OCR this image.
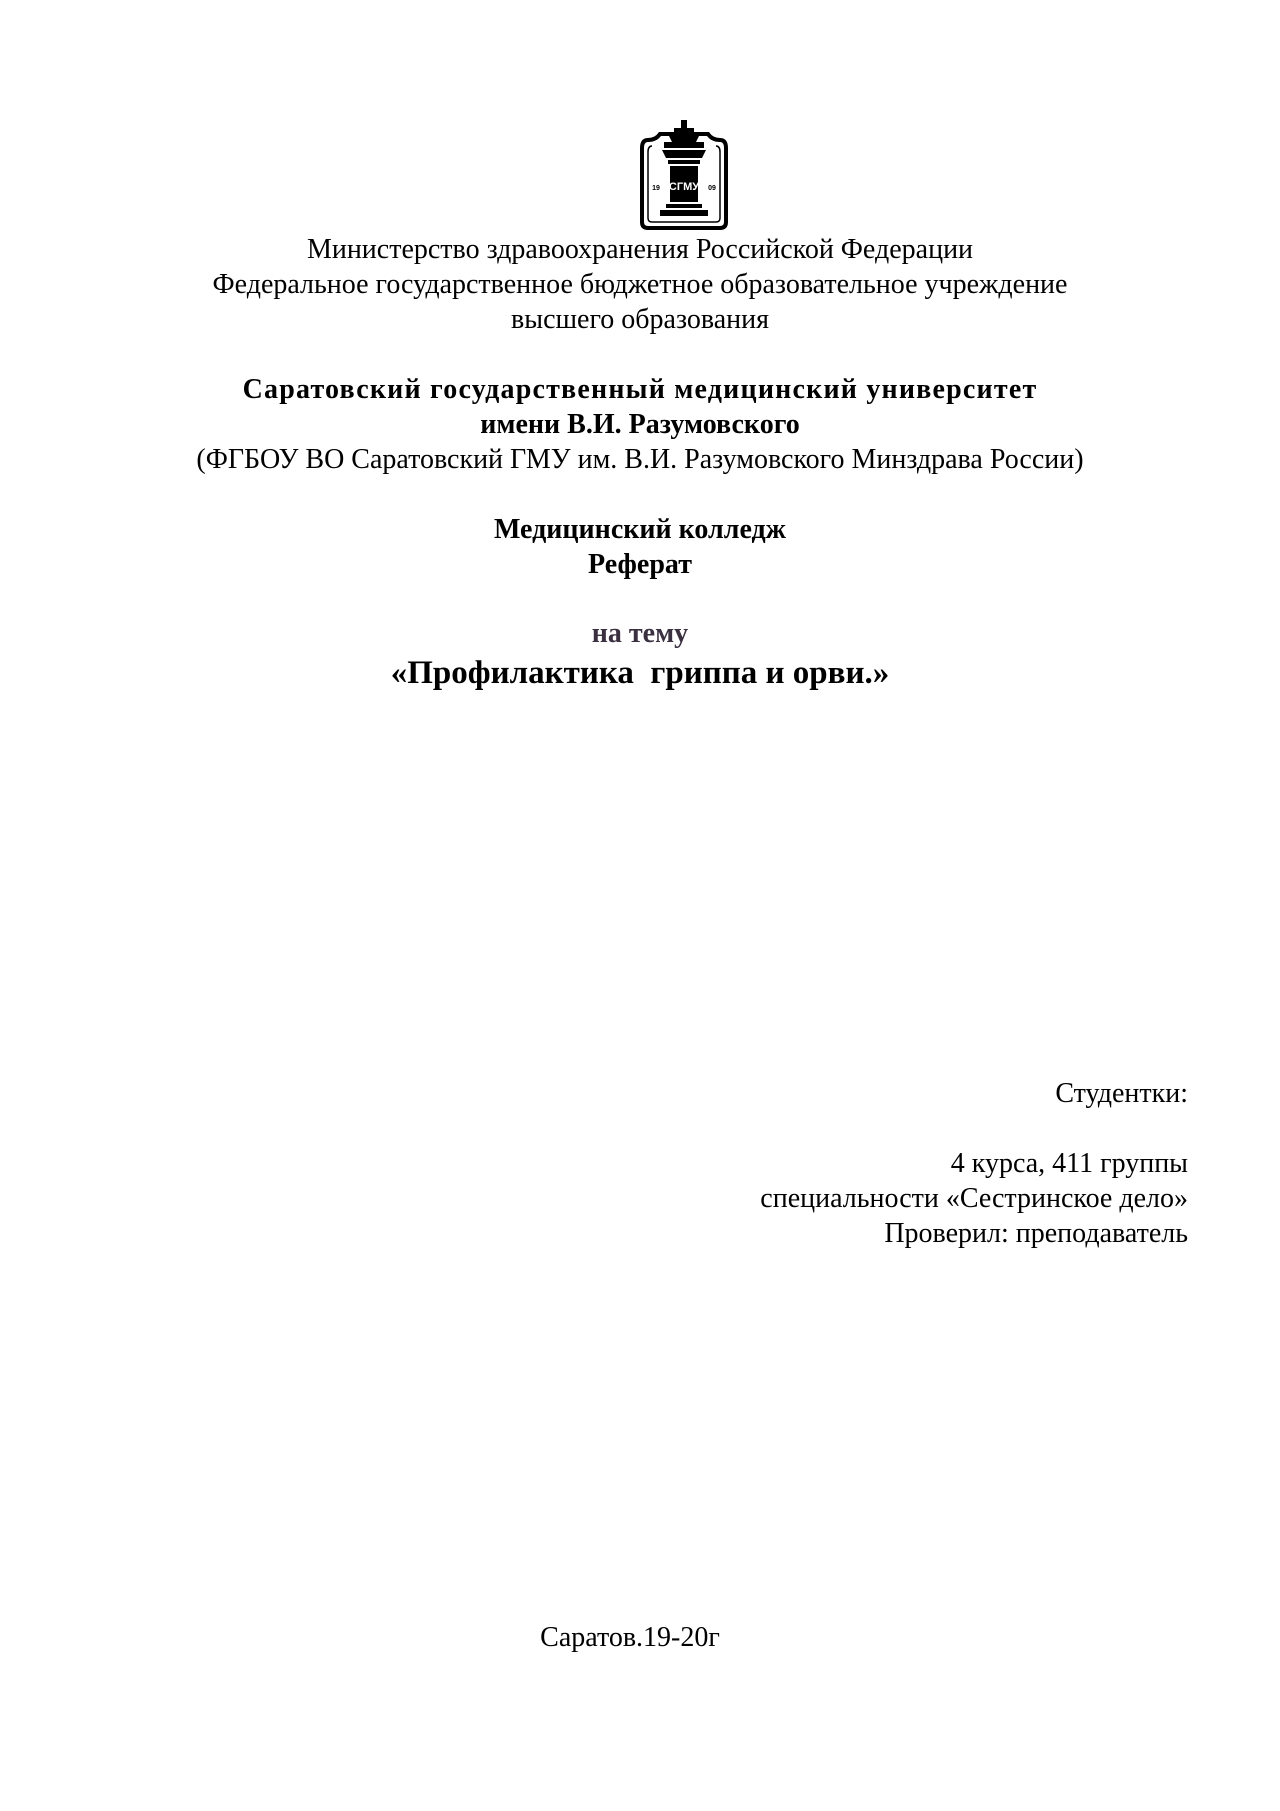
СГМУ
19	09
Министерство здравоохранения Российской Федерации
Федеральное государственное бюджетное образовательное учреждение
высшего образования
Саратовский государственный медицинский университет
имени В.И. Разумовского
(ФГБОУ ВО Саратовский ГМУ им. В.И. Разумовского Минздрава России)
Медицинский колледж
Реферат
на тему
«Профилактика  гриппа и орви.»
Студентки:
4 курса, 411 группы
специальности «Сестринское дело»
Проверил: преподаватель
Саратов.19-20г
